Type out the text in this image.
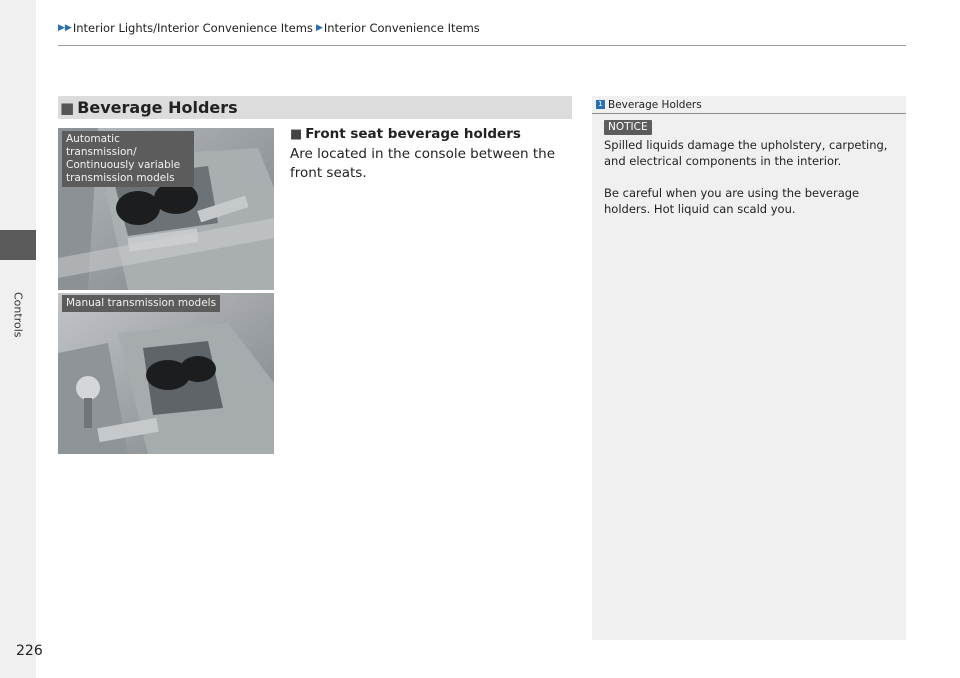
Controls
▶▶ Interior Lights/Interior Convenience Items ▶ Interior Convenience Items
■ Beverage Holders
Automatic transmission/ Continuously variable transmission models
Manual transmission models
■ Front seat beverage holders
Are located in the console between the front seats.
1 Beverage Holders
NOTICE
Spilled liquids damage the upholstery, carpeting, and electrical components in the interior.
Be careful when you are using the beverage holders. Hot liquid can scald you.
226
